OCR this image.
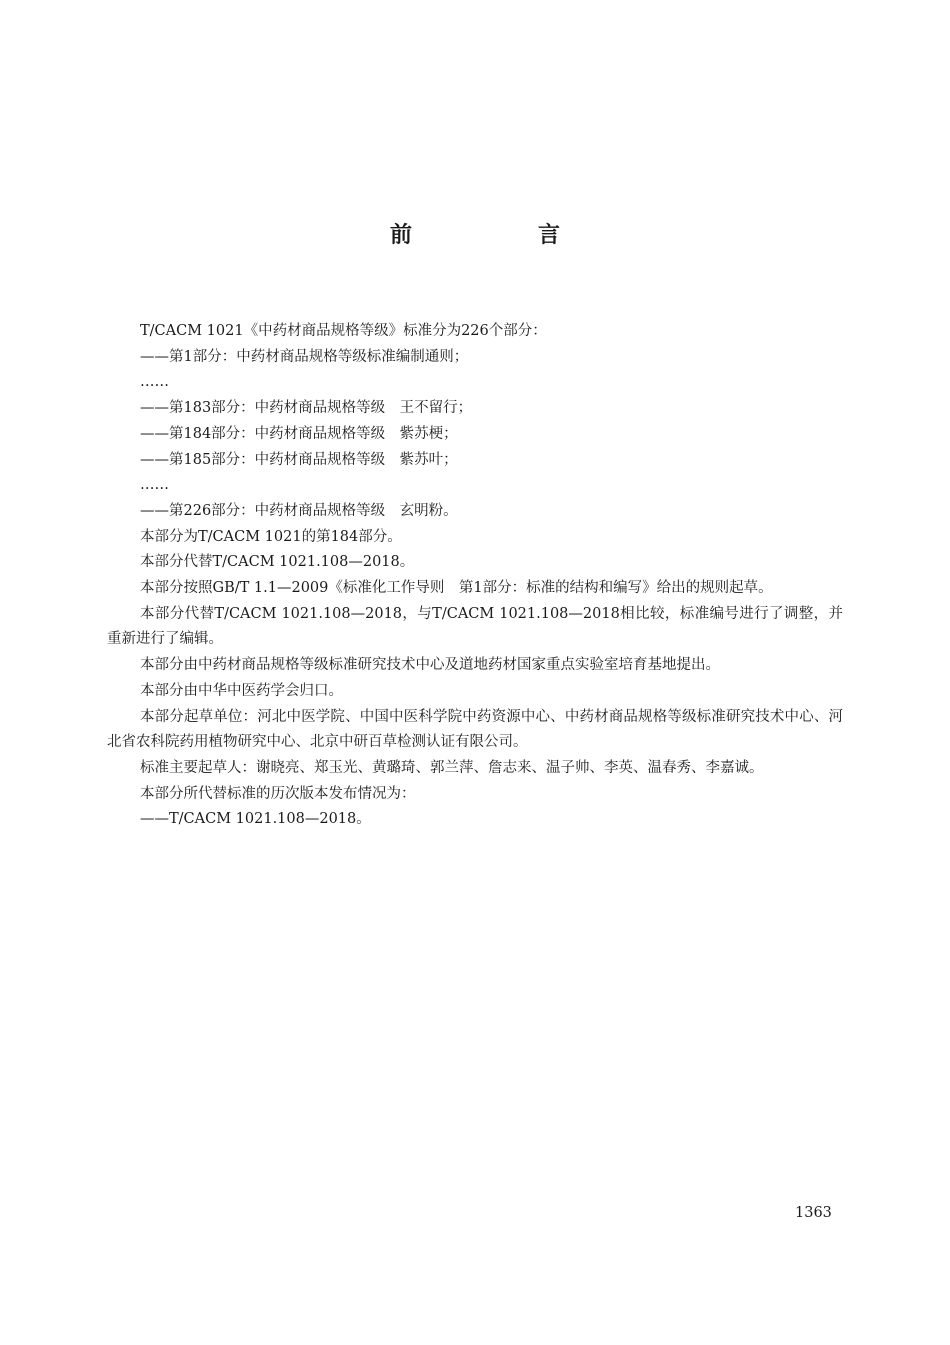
前　言

T/CACM 1021《中药材商品规格等级》标准分为226个部分：

——第1部分：中药材商品规格等级标准编制通则；

……

——第183部分：中药材商品规格等级　王不留行；

——第184部分：中药材商品规格等级　紫苏梗；

——第185部分：中药材商品规格等级　紫苏叶；

……

——第226部分：中药材商品规格等级　玄明粉。

本部分为T/CACM 1021的第184部分。

本部分代替T/CACM 1021.108—2018。

本部分按照GB/T 1.1—2009《标准化工作导则　第1部分：标准的结构和编写》给出的规则起草。

本部分代替T/CACM 1021.108—2018，与T/CACM 1021.108—2018相比较，标准编号进行了调整，并重新进行了编辑。

本部分由中药材商品规格等级标准研究技术中心及道地药材国家重点实验室培育基地提出。

本部分由中华中医药学会归口。

本部分起草单位：河北中医学院、中国中医科学院中药资源中心、中药材商品规格等级标准研究技术中心、河北省农科院药用植物研究中心、北京中研百草检测认证有限公司。

标准主要起草人：谢晓亮、郑玉光、黄璐琦、郭兰萍、詹志来、温子帅、李英、温春秀、李嘉诚。

本部分所代替标准的历次版本发布情况为：

——T/CACM 1021.108—2018。

1363
